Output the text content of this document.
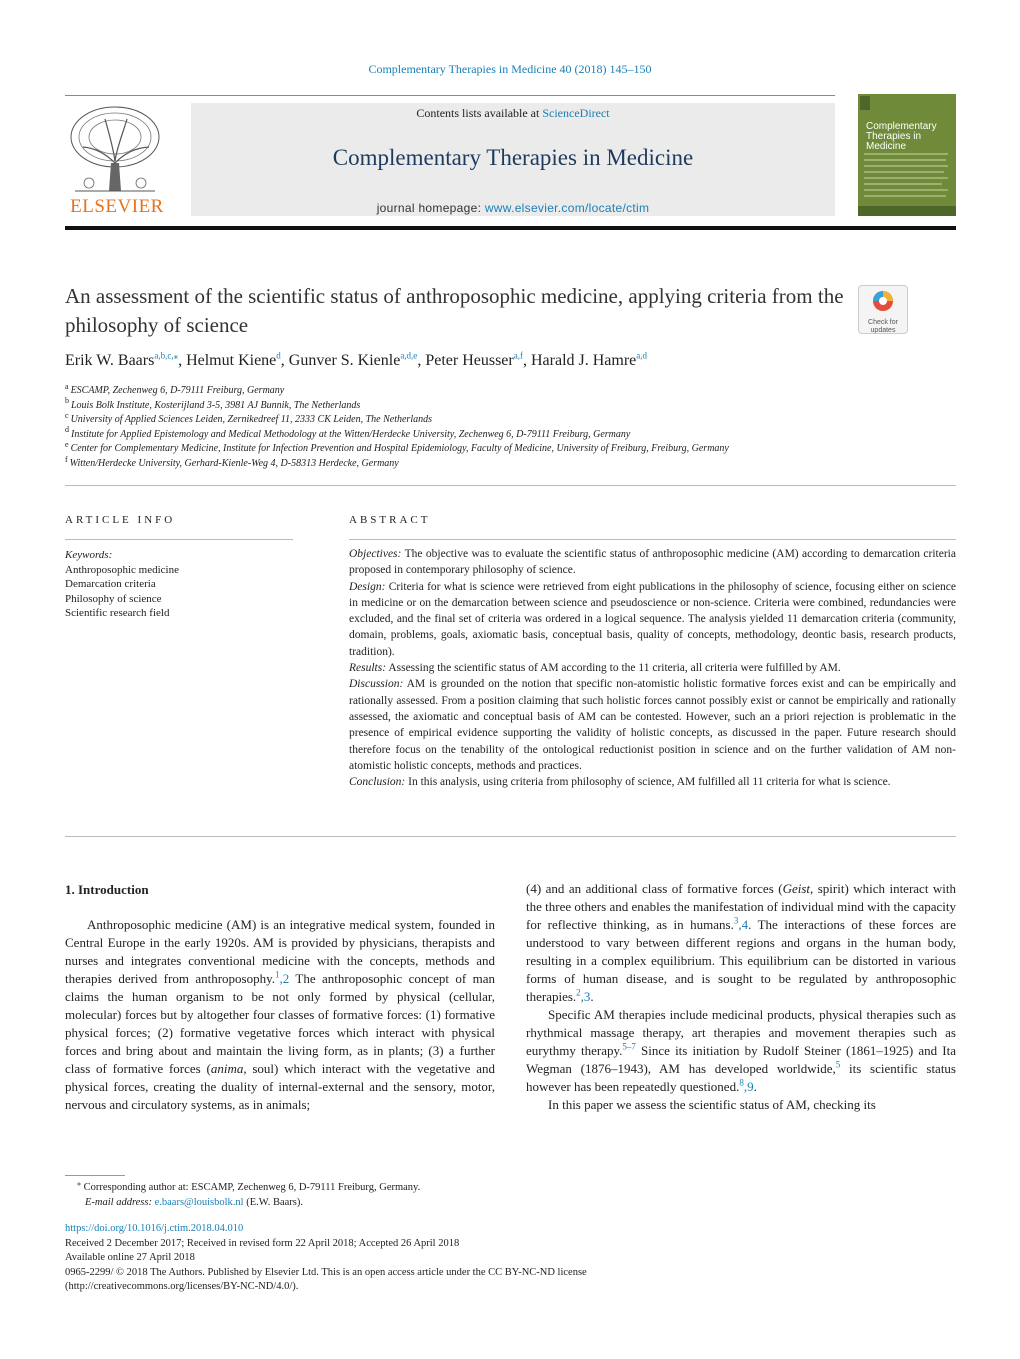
Complementary Therapies in Medicine 40 (2018) 145–150
ELSEVIER
Contents lists available at ScienceDirect
Complementary Therapies in Medicine
journal homepage: www.elsevier.com/locate/ctim
Complementary Therapies in Medicine
An assessment of the scientific status of anthroposophic medicine, applying criteria from the philosophy of science	Check for updates
Erik W. Baars$^{a,b,c,⁎}$, Helmut Kiene$^d$, Gunver S. Kienle$^{a,d,e}$, Peter Heusser$^{a,f}$, Harald J. Hamre$^{a,d}$
$^a$ ESCAMP, Zechenweg 6, D-79111 Freiburg, Germany
$^b$ Louis Bolk Institute, Kosterijland 3-5, 3981 AJ Bunnik, The Netherlands
$^c$ University of Applied Sciences Leiden, Zernikedreef 11, 2333 CK Leiden, The Netherlands
$^d$ Institute for Applied Epistemology and Medical Methodology at the Witten/Herdecke University, Zechenweg 6, D-79111 Freiburg, Germany
$^e$ Center for Complementary Medicine, Institute for Infection Prevention and Hospital Epidemiology, Faculty of Medicine, University of Freiburg, Freiburg, Germany
$^f$ Witten/Herdecke University, Gerhard-Kienle-Weg 4, D-58313 Herdecke, Germany
ARTICLE INFO	ABSTRACT
Keywords:
Anthroposophic medicine
Demarcation criteria
Philosophy of science
Scientific research field
Objectives: The objective was to evaluate the scientific status of anthroposophic medicine (AM) according to demarcation criteria proposed in contemporary philosophy of science.
Design: Criteria for what is science were retrieved from eight publications in the philosophy of science, focusing either on science in medicine or on the demarcation between science and pseudoscience or non-science. Criteria were combined, redundancies were excluded, and the final set of criteria was ordered in a logical sequence. The analysis yielded 11 demarcation criteria (community, domain, problems, goals, axiomatic basis, conceptual basis, quality of concepts, methodology, deontic basis, research products, tradition).
Results: Assessing the scientific status of AM according to the 11 criteria, all criteria were fulfilled by AM.
Discussion: AM is grounded on the notion that specific non-atomistic holistic formative forces exist and can be empirically and rationally assessed. From a position claiming that such holistic forces cannot possibly exist or cannot be empirically and rationally assessed, the axiomatic and conceptual basis of AM can be contested. However, such an a priori rejection is problematic in the presence of empirical evidence supporting the validity of holistic concepts, as discussed in the paper. Future research should therefore focus on the tenability of the ontological reductionist position in science and on the further validation of AM non-atomistic holistic concepts, methods and practices.
Conclusion: In this analysis, using criteria from philosophy of science, AM fulfilled all 11 criteria for what is science.
1. Introduction

Anthroposophic medicine (AM) is an integrative medical system, founded in Central Europe in the early 1920s. AM is provided by physicians, therapists and nurses and integrates conventional medicine with the concepts, methods and therapies derived from anthroposophy.$^1$,2 The anthroposophic concept of man claims the human organism to be not only formed by physical (cellular, molecular) forces but by altogether four classes of formative forces: (1) formative physical forces; (2) formative vegetative forces which interact with physical forces and bring about and maintain the living form, as in plants; (3) a further class of formative forces (anima, soul) which interact with the vegetative and physical forces, creating the duality of internal-external and the sensory, motor, nervous and circulatory systems, as in animals;

(4) and an additional class of formative forces (Geist, spirit) which interact with the three others and enables the manifestation of individual mind with the capacity for reflective thinking, as in humans.$^3$,4. The interactions of these forces are understood to vary between different regions and organs in the human body, resulting in a complex equilibrium. This equilibrium can be distorted in various forms of human disease, and is sought to be regulated by anthroposophic therapies.$^2$,3.

Specific AM therapies include medicinal products, physical therapies such as rhythmical massage therapy, art therapies and movement therapies such as eurythmy therapy.$^{5-7}$ Since its initiation by Rudolf Steiner (1861–1925) and Ita Wegman (1876–1943), AM has developed worldwide,$^5$ its scientific status however has been repeatedly questioned.$^8$,9.

In this paper we assess the scientific status of AM, checking its

⁎ Corresponding author at: ESCAMP, Zechenweg 6, D-79111 Freiburg, Germany.
E-mail address: e.baars@louisbolk.nl (E.W. Baars).
https://doi.org/10.1016/j.ctim.2018.04.010
Received 2 December 2017; Received in revised form 22 April 2018; Accepted 26 April 2018
Available online 27 April 2018
0965-2299/ © 2018 The Authors. Published by Elsevier Ltd. This is an open access article under the CC BY-NC-ND license
(http://creativecommons.org/licenses/BY-NC-ND/4.0/).
